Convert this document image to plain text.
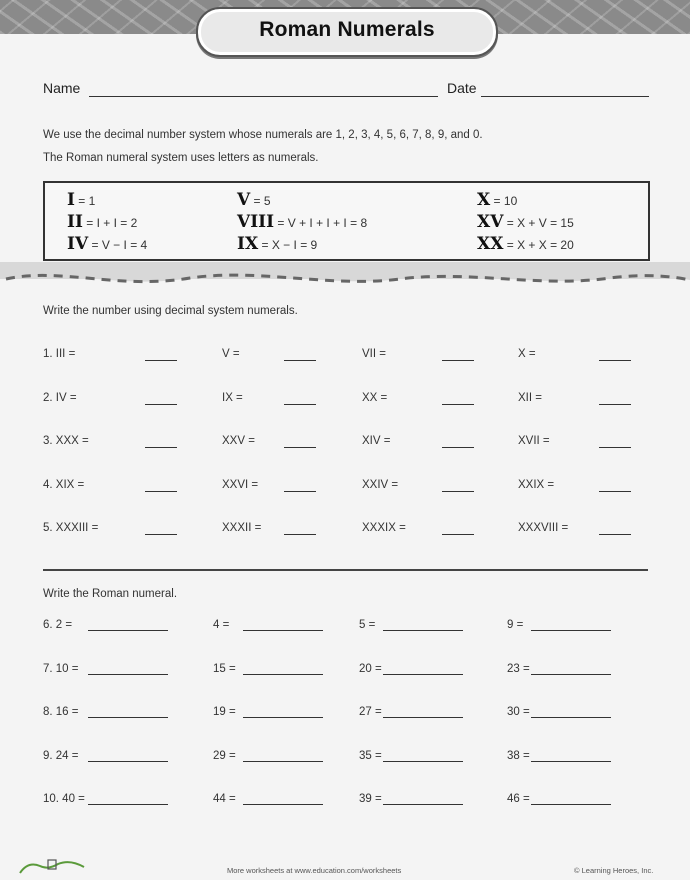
Roman Numerals
Name	Date
We use the decimal number system whose numerals are 1, 2, 3, 4, 5, 6, 7, 8, 9, and 0.
The Roman numeral system uses letters as numerals.
I = 1	V = 5	X = 10
II = I + I = 2	VIII = V + I + I + I = 8	XV = X + V = 15
IV = V − I = 4	IX = X − I = 9	XX = X + X = 20
Write the number using decimal system numerals.
Write the Roman numeral.
1. III =	V =	VII =	X =
2. IV =	IX =	XX =	XII =
3. XXX =	XXV =	XIV =	XVII =
4. XIX =	XXVI =	XXIV =	XXIX =
5. XXXIII =	XXXII =	XXXIX =	XXXVIII =
6. 2 =	4 =	5 =	9 =
7. 10 =	15 =	20 =	23 =
8. 16 =	19 =	27 =	30 =
9. 24 =	29 =	35 =	38 =
10. 40 =	44 =	39 =	46 =
More worksheets at www.education.com/worksheets	© Learning Heroes, Inc.
